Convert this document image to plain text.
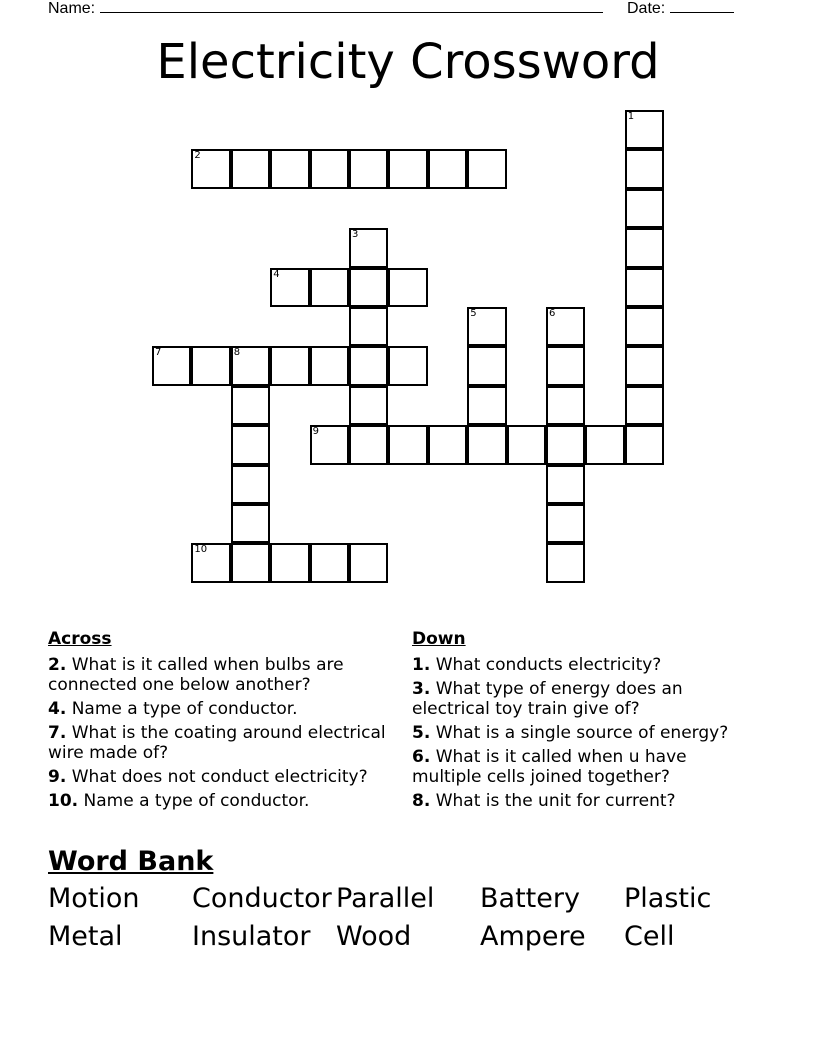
Name:	Date:
Electricity Crossword
1
2
3
4
5	6
7	8
9
10
Across
2. What is it called when bulbs are connected one below another?
4. Name a type of conductor.
7. What is the coating around electrical wire made of?
9. What does not conduct electricity?
10. Name a type of conductor.
Down
1. What conducts electricity?
3. What type of energy does an electrical toy train give of?
5. What is a single source of energy?
6. What is it called when u have multiple cells joined together?
8. What is the unit for current?
Word Bank
Motion	Conductor Parallel	Battery	Plastic
Metal	Insulator Wood	Ampere	Cell
